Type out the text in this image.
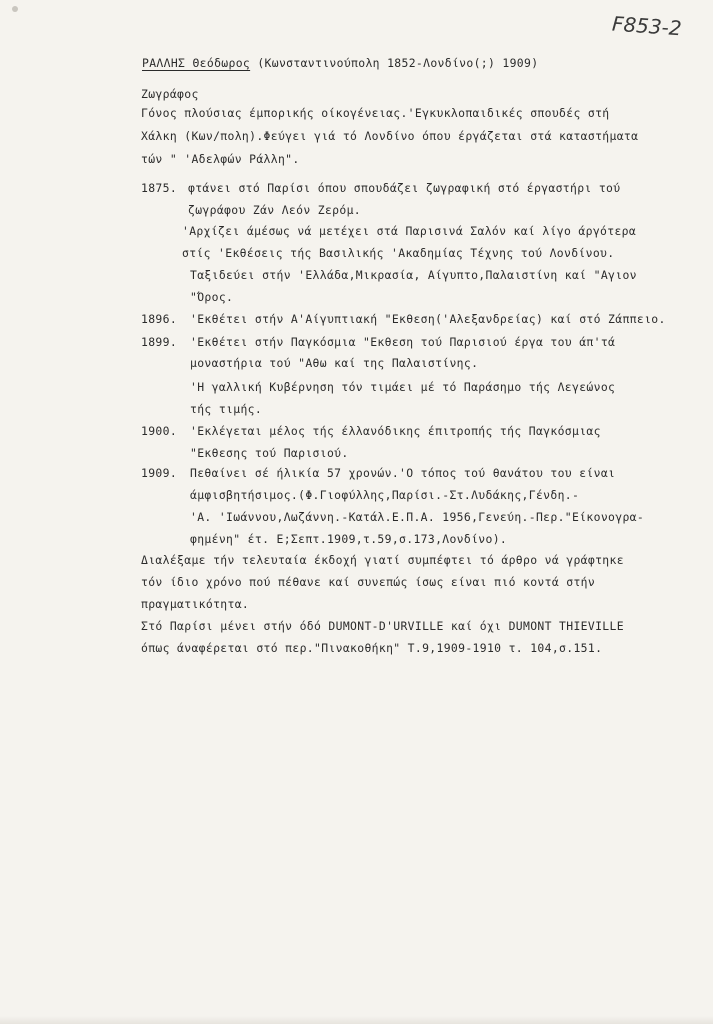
F853-2
ΡΑΛΛΗΣ Θεόδωρος (Κωνσταντινούπολη 1852-Λονδίνο(;) 1909)
Ζωγράφος
Γόνος πλούσιας έμπορικής οίκογένειας.'Εγκυκλοπαιδικές σπουδές στή
Χάλκη (Κων/πολη).Φεύγει γιά τό Λονδίνο όπου έργάζεται στά καταστήματα
τών " 'Αδελφών Ράλλη".
1875. φτάνει στό Παρίσι όπου σπουδάζει ζωγραφική στό έργαστήρι τού
ζωγράφου Ζάν Λεόν Ζερόμ.
'Αρχίζει άμέσως νά μετέχει στά Παρισινά Σαλόν καί λίγο άργότερα
στίς 'Εκθέσεις τής Βασιλικής 'Ακαδημίας Τέχνης τού Λονδίνου.
Ταξιδεύει στήν 'Ελλάδα,Μικρασία, Αίγυπτο,Παλαιστίνη καί "Αγιον
"Όρος.
1896. 'Εκθέτει στήν Α'Αίγυπτιακή "Εκθεση('Αλεξανδρείας) καί στό Ζάππειο.
1899. 'Εκθέτει στήν Παγκόσμια "Εκθεση τού Παρισιού έργα του άπ'τά
μοναστήρια τού "Αθω καί της Παλαιστίνης.
'Η γαλλική Κυβέρνηση τόν τιμάει μέ τό Παράσημο τής Λεγεώνος
τής τιμής.
1900. 'Εκλέγεται μέλος τής έλλανόδικης έπιτροπής τής Παγκόσμιας
"Εκθεσης τού Παρισιού.
1909. Πεθαίνει σέ ήλικία 57 χρονών.'Ο τόπος τού θανάτου του είναι
άμφισβητήσιμος.(Φ.Γιοφύλλης,Παρίσι.-Στ.Λυδάκης,Γένδη.-
'Α. 'Ιωάννου,Λωζάννη.-Κατάλ.Ε.Π.Α. 1956,Γενεύη.-Περ."Είκονογρα-
φημένη" έτ. Ε;Σεπτ.1909,τ.59,σ.173,Λονδίνο).
Διαλέξαμε τήν τελευταία έκδοχή γιατί συμπέφτει τό άρθρο νά γράφτηκε
τόν ίδιο χρόνο πού πέθανε καί συνεπώς ίσως είναι πιό κοντά στήν
πραγματικότητα.
Στό Παρίσι μένει στήν όδό DUMONT-D'URVILLE καί όχι DUMONT THIEVILLE
όπως άναφέρεται στό περ."Πινακοθήκη" Τ.9,1909-1910 τ. 104,σ.151.
